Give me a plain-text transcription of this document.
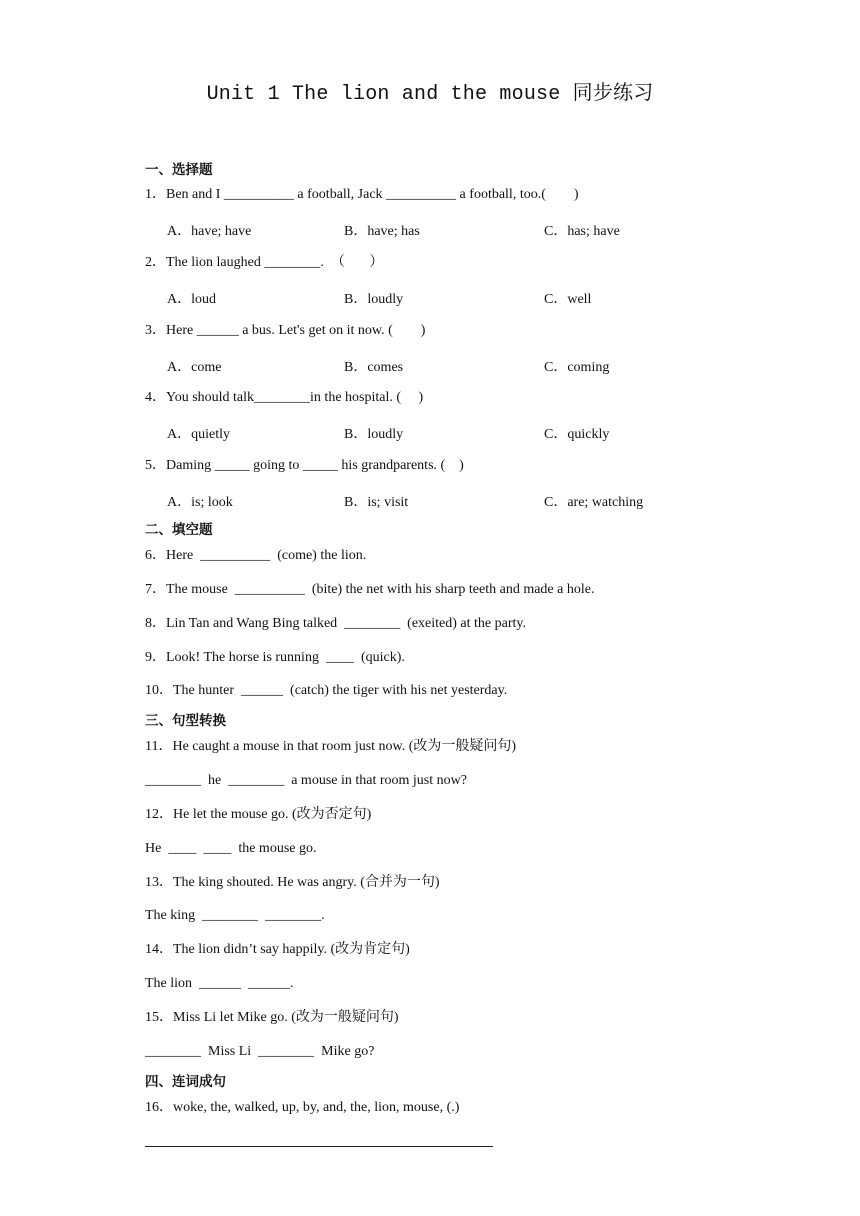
Unit 1 The lion and the mouse 同步练习
一、选择题
1．Ben and I __________ a football, Jack __________ a football, too.(        )
A．have; have	B．have; has	C．has; have
2．The lion laughed ________.  （       ）
A．loud	B．loudly	C．well
3．Here ______ a bus. Let's get on it now. (        )
A．come	B．comes	C．coming
4．You should talk________in the hospital. (     )
A．quietly	B．loudly	C．quickly
5．Daming _____ going to _____ his grandparents. (    )
A．is; look	B．is; visit	C．are; watching
二、填空题
6．Here  __________  (come) the lion.
7．The mouse  __________  (bite) the net with his sharp teeth and made a hole.
8．Lin Tan and Wang Bing talked  ________  (exeited) at the party.
9．Look! The horse is running  ____  (quick).
10．The hunter  ______  (catch) the tiger with his net yesterday.
三、句型转换
11．He caught a mouse in that room just now. (改为一般疑问句)
________  he  ________  a mouse in that room just now?
12．He let the mouse go. (改为否定句)
He  ____  ____  the mouse go.
13．The king shouted. He was angry. (合并为一句)
The king  ________  ________.
14．The lion didn’t say happily. (改为肯定句)
The lion  ______  ______.
15．Miss Li let Mike go. (改为一般疑问句)
________  Miss Li  ________  Mike go?
四、连词成句
16．woke, the, walked, up, by, and, the, lion, mouse, (.)
